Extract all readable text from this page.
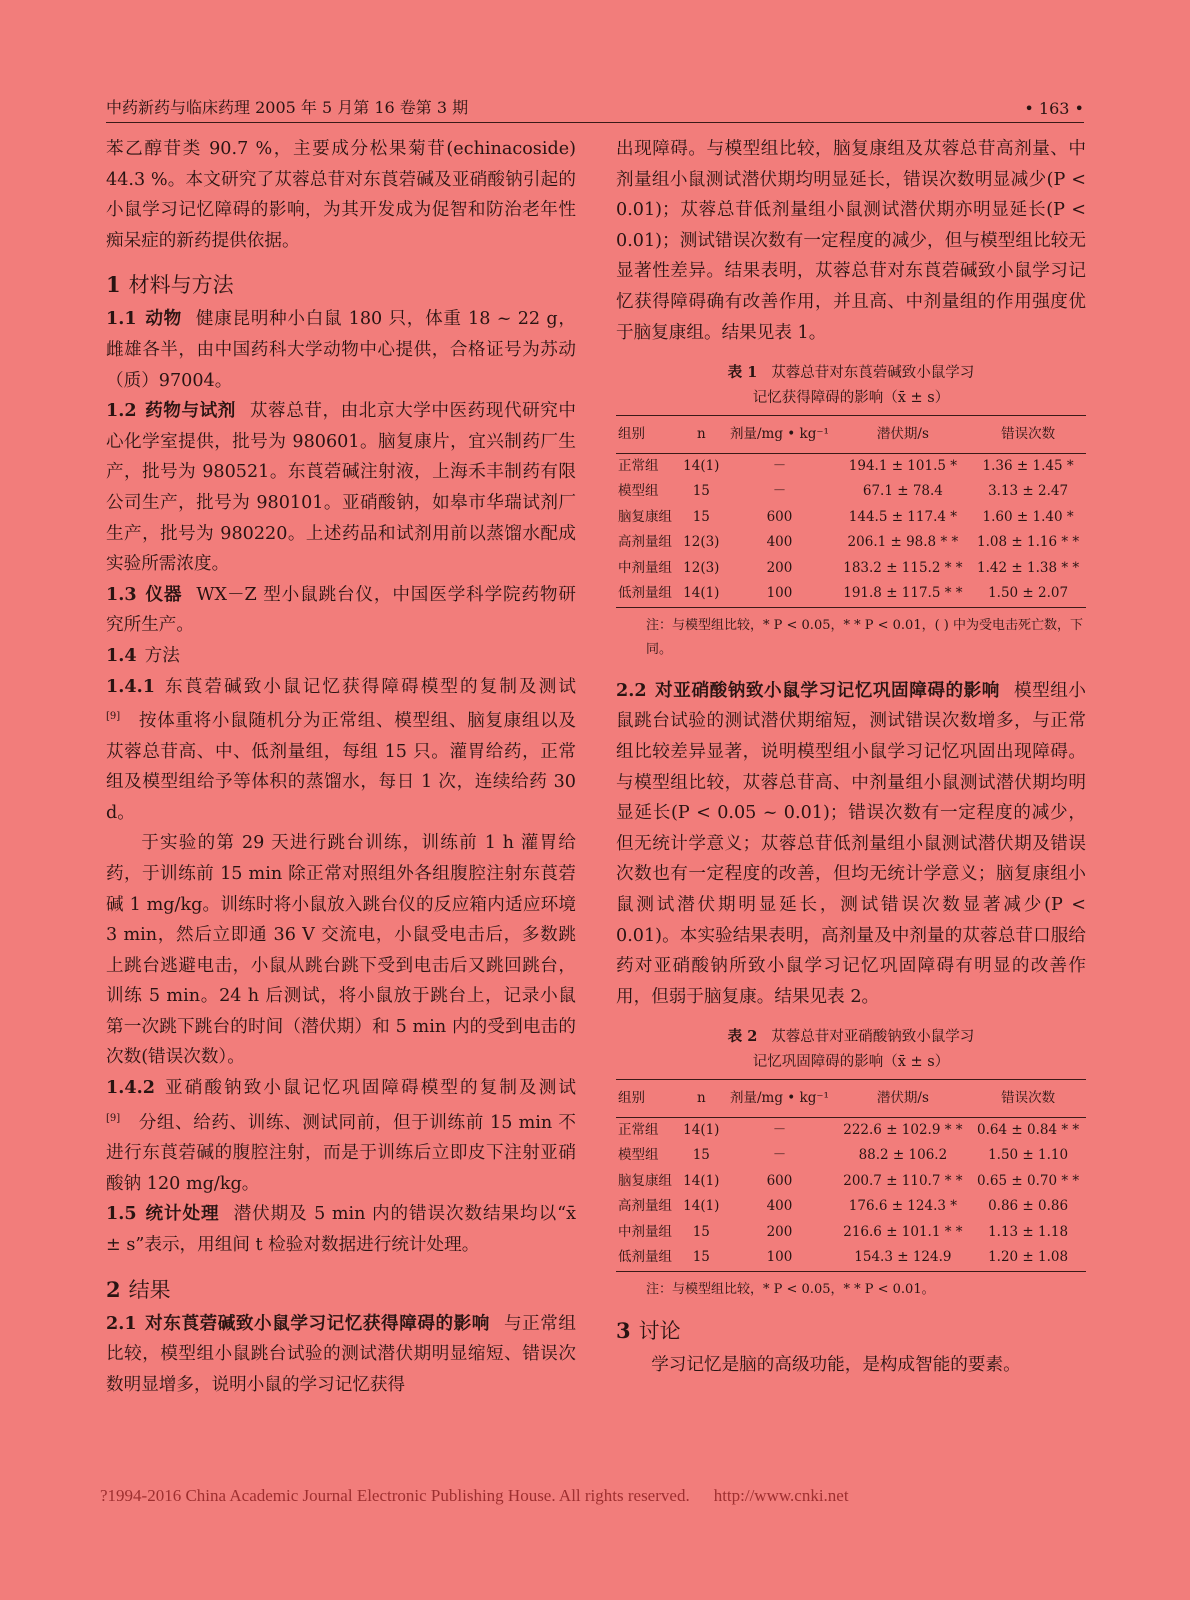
中药新药与临床药理 2005 年 5 月第 16 卷第 3 期	• 163 •

苯乙醇苷类 90.7 %，主要成分松果菊苷(echinacoside) 44.3 %。本文研究了苁蓉总苷对东莨菪碱及亚硝酸钠引起的小鼠学习记忆障碍的影响，为其开发成为促智和防治老年性痴呆症的新药提供依据。

1 材料与方法

1.1 动物 健康昆明种小白鼠 180 只，体重 18 ~ 22 g，雌雄各半，由中国药科大学动物中心提供，合格证号为苏动（质）97004。

1.2 药物与试剂 苁蓉总苷，由北京大学中医药现代研究中心化学室提供，批号为 980601。脑复康片，宜兴制药厂生产，批号为 980521。东莨菪碱注射液，上海禾丰制药有限公司生产，批号为 980101。亚硝酸钠，如皋市华瑞试剂厂生产，批号为 980220。上述药品和试剂用前以蒸馏水配成实验所需浓度。

1.3 仪器 WX－Z 型小鼠跳台仪，中国医学科学院药物研究所生产。

1.4 方法

1.4.1 东莨菪碱致小鼠记忆获得障碍模型的复制及测试[9] 按体重将小鼠随机分为正常组、模型组、脑复康组以及苁蓉总苷高、中、低剂量组，每组 15 只。灌胃给药，正常组及模型组给予等体积的蒸馏水，每日 1 次，连续给药 30 d。

于实验的第 29 天进行跳台训练，训练前 1 h 灌胃给药，于训练前 15 min 除正常对照组外各组腹腔注射东莨菪碱 1 mg/kg。训练时将小鼠放入跳台仪的反应箱内适应环境 3 min，然后立即通 36 V 交流电，小鼠受电击后，多数跳上跳台逃避电击，小鼠从跳台跳下受到电击后又跳回跳台，训练 5 min。24 h 后测试，将小鼠放于跳台上，记录小鼠第一次跳下跳台的时间（潜伏期）和 5 min 内的受到电击的次数(错误次数）。

1.4.2 亚硝酸钠致小鼠记忆巩固障碍模型的复制及测试[9] 分组、给药、训练、测试同前，但于训练前 15 min 不进行东莨菪碱的腹腔注射，而是于训练后立即皮下注射亚硝酸钠 120 mg/kg。

1.5 统计处理 潜伏期及 5 min 内的错误次数结果均以“x̄ ± s”表示，用组间 t 检验对数据进行统计处理。

2 结果

2.1 对东莨菪碱致小鼠学习记忆获得障碍的影响 与正常组比较，模型组小鼠跳台试验的测试潜伏期明显缩短、错误次数明显增多，说明小鼠的学习记忆获得

出现障碍。与模型组比较，脑复康组及苁蓉总苷高剂量、中剂量组小鼠测试潜伏期均明显延长，错误次数明显减少(P < 0.01)；苁蓉总苷低剂量组小鼠测试潜伏期亦明显延长(P < 0.01)；测试错误次数有一定程度的减少，但与模型组比较无显著性差异。结果表明，苁蓉总苷对东莨菪碱致小鼠学习记忆获得障碍确有改善作用，并且高、中剂量组的作用强度优于脑复康组。结果见表 1。

表 1 苁蓉总苷对东莨菪碱致小鼠学习
记忆获得障碍的影响（x̄ ± s）
组别	n	剂量/mg • kg⁻¹	潜伏期/s	错误次数
正常组	14(1)	－	194.1 ± 101.5 *	1.36 ± 1.45 *
模型组	15	－	67.1 ± 78.4	3.13 ± 2.47
脑复康组	15	600	144.5 ± 117.4 *	1.60 ± 1.40 *
高剂量组	12(3)	400	206.1 ± 98.8 * *	1.08 ± 1.16 * *
中剂量组	12(3)	200	183.2 ± 115.2 * *	1.42 ± 1.38 * *
低剂量组	14(1)	100	191.8 ± 117.5 * *	1.50 ± 2.07
注：与模型组比较，* P < 0.05，* * P < 0.01，( ) 中为受电击死亡数，下同。

2.2 对亚硝酸钠致小鼠学习记忆巩固障碍的影响 模型组小鼠跳台试验的测试潜伏期缩短，测试错误次数增多，与正常组比较差异显著，说明模型组小鼠学习记忆巩固出现障碍。与模型组比较，苁蓉总苷高、中剂量组小鼠测试潜伏期均明显延长(P < 0.05 ~ 0.01)；错误次数有一定程度的减少，但无统计学意义；苁蓉总苷低剂量组小鼠测试潜伏期及错误次数也有一定程度的改善，但均无统计学意义；脑复康组小鼠测试潜伏期明显延长，测试错误次数显著减少(P < 0.01)。本实验结果表明，高剂量及中剂量的苁蓉总苷口服给药对亚硝酸钠所致小鼠学习记忆巩固障碍有明显的改善作用，但弱于脑复康。结果见表 2。

表 2 苁蓉总苷对亚硝酸钠致小鼠学习
记忆巩固障碍的影响（x̄ ± s）
组别	n	剂量/mg • kg⁻¹	潜伏期/s	错误次数
正常组	14(1)	－	222.6 ± 102.9 * *	0.64 ± 0.84 * *
模型组	15	－	88.2 ± 106.2	1.50 ± 1.10
脑复康组	14(1)	600	200.7 ± 110.7 * *	0.65 ± 0.70 * *
高剂量组	14(1)	400	176.6 ± 124.3 *	0.86 ± 0.86
中剂量组	15	200	216.6 ± 101.1 * *	1.13 ± 1.18
低剂量组	15	100	154.3 ± 124.9	1.20 ± 1.08
注：与模型组比较，* P < 0.05，* * P < 0.01。
3 讨论

学习记忆是脑的高级功能，是构成智能的要素。

?1994-2016 China Academic Journal Electronic Publishing House. All rights reserved. http://www.cnki.net
